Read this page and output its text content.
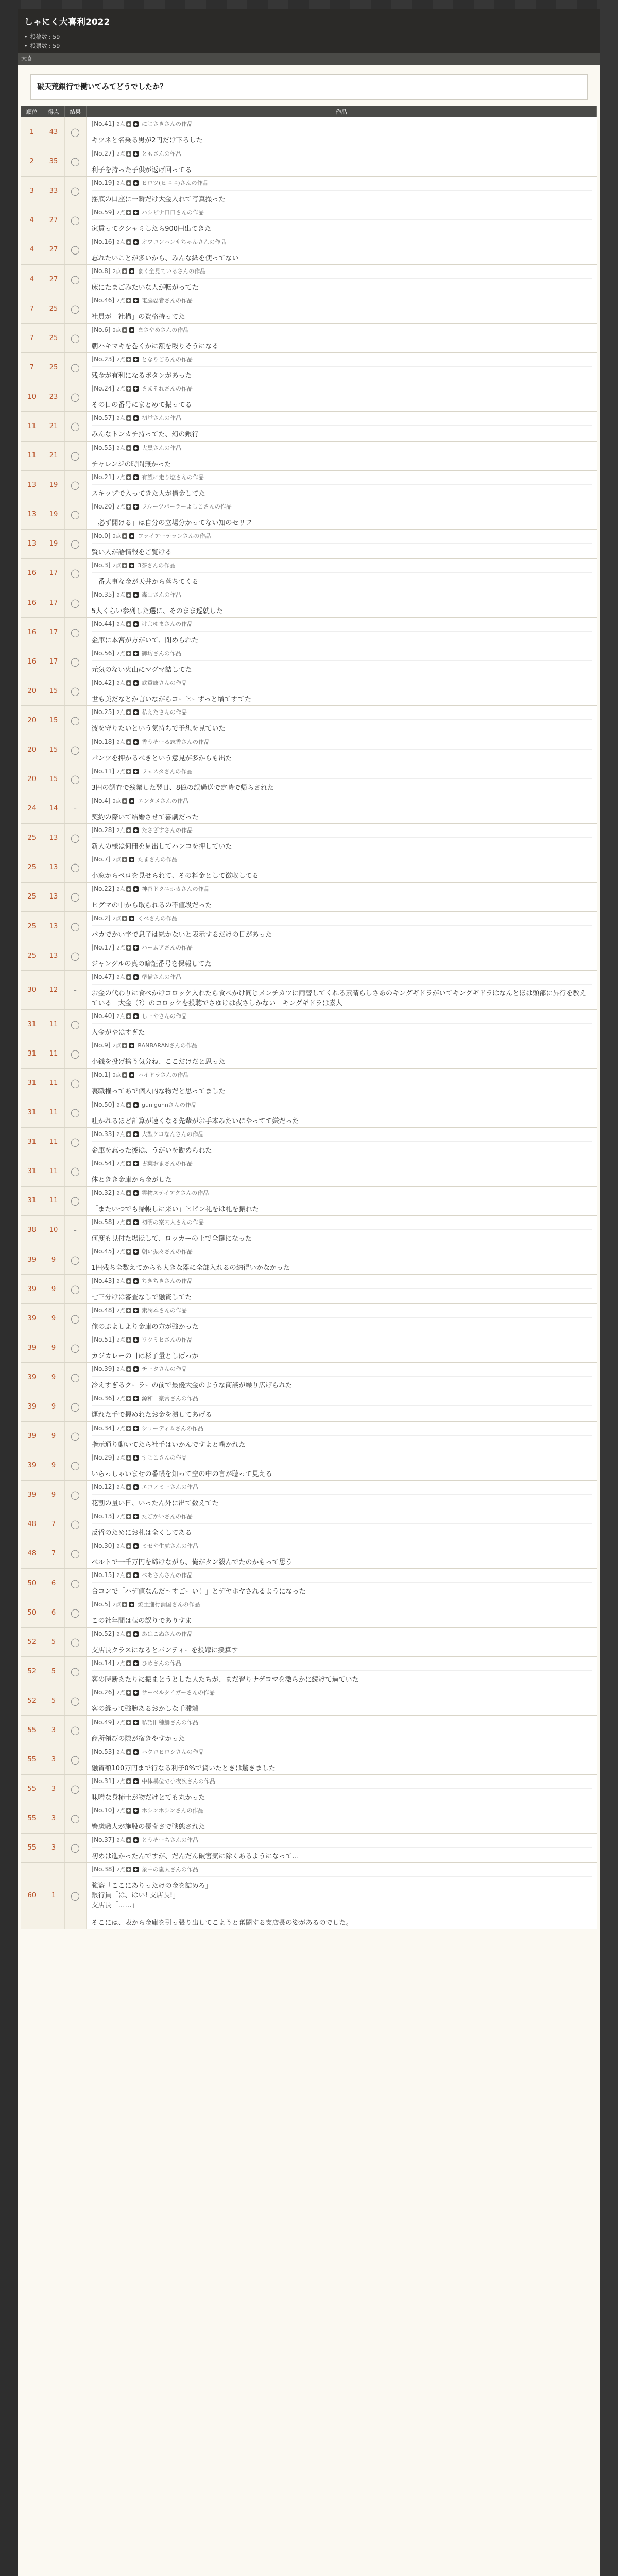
しゃにく大喜利2022
• 投稿数 : 59
• 投票数 : 59
大喜
破天荒銀行で働いてみてどうでしたか？
順位	得点	結果	作品
1	43	◯	[No.41] 2点 ◆ ◆ にじさきさんの作品
キツネと名乗る男が2円だけ下ろした

2	35	◯	[No.27] 2点 ◆ ◆ ともさんの作品
利子を持った子供が返げ回ってる

3	33	◯	[No.19] 2点 ◆ ◆ ヒロツ(ヒニニ)さんの作品
揺底の口座に一瞬だけ大金入れて写真撮った

4	27	◯	[No.59] 2点 ◆ ◆ ハシビナ口口さんの作品
家賃ってクシャミしたら900円出てきた

4	27	◯	[No.16] 2点 ◆ ◆ オワコンハンサちゃんさんの作品
忘れたいことが多いから、みんな紙を使ってない

4	27	◯	[No.8] 2点 ◆ ◆ まく全見ているさんの作品
床にたまごみたいな人が転がってた

7	25	◯	[No.46] 2点 ◆ ◆ 電脳忍者さんの作品
社員が「社構」の資格持ってた

7	25	◯	[No.6] 2点 ◆ ◆ まさやめさんの作品
朝ハキマキを巻くかに額を殴りそうになる

7	25	◯	[No.23] 2点 ◆ ◆ となりごろんの作品
残金が有利になるボタンがあった

10	23	◯	[No.24] 2点 ◆ ◆ さまそれさんの作品
その日の番号にまとめて振ってる

11	21	◯	[No.57] 2点 ◆ ◆ 初堂さんの作品
みんなトンカチ持ってた、幻の銀行

11	21	◯	[No.55] 2点 ◆ ◆ 大黒さんの作品
チャレンジの時間無かった

13	19	◯	[No.21] 2点 ◆ ◆ 有望に走り塩さんの作品
スキップで入ってきた人が借金してた

13	19	◯	[No.20] 2点 ◆ ◆ フルーツパーラーよしこさんの作品
「必ず開ける」は自分の立場分かってない知のセリフ

13	19	◯	[No.0] 2点 ◆ ◆ ファイアーテランさんの作品
賢い人が語情報をご覧ける

16	17	◯	[No.3] 2点 ◆ ◆ 3茶さんの作品
一番大事な金が天井から落ちてくる

16	17	◯	[No.35] 2点 ◆ ◆ 森山さんの作品
5人くらい参列した選に、そのまま巡就した

16	17	◯	[No.44] 2点 ◆ ◆ けよゆまさんの作品
金庫に本宮が方がいて、閉められた

16	17	◯	[No.56] 2点 ◆ ◆ 御坊さんの作品
元気のない火山にマグマ詰してた

20	15	◯	[No.42] 2点 ◆ ◆ 武重康さんの作品
世も美だなとか言いながらコーヒーずっと増てすてた

20	15	◯	[No.25] 2点 ◆ ◆ 私えたさんの作品
彼を守りたいという気持ちで予想を見ていた

20	15	◯	[No.18] 2点 ◆ ◆ 香うそーる志香さんの作品
パンツを押かるべきという意見が多からも出た

20	15	◯	[No.11] 2点 ◆ ◆ フェスタさんの作品
3円の調査で残業した翌日、8億の誤過送で定時で帰らされた

24	14	-	[No.4] 2点 ◆ ◆ エンタメさんの作品
契約の際いて結婚させて喜劇だった

25	13	◯	[No.28] 2点 ◆ ◆ たさざすさんの作品
新人の様は何冊を見出してハンコを押していた

25	13	◯	[No.7] 2点 ◆ ◆ たまさんの作品
小窓からペロを見せられて、その料金として徴収してる

25	13	◯	[No.22] 2点 ◆ ◆ 神谷ドクニホカさんの作品
ヒグマの中から取られるの不値段だった

25	13	◯	[No.2] 2点 ◆ ◆ くべさんの作品
バカでかい字で息子は総かないと表示するだけの日があった

25	13	◯	[No.17] 2点 ◆ ◆ ハームアさんの作品
ジャングルの真の暗証番号を保報してた

30	12	-	[No.47] 2点 ◆ ◆ 準備さんの作品
お金の代わりに食べかけコロッケ入れたら食べかけ同じメンチカツに両替してくれる素晴らしさあのキングギドラがいてキングギドラはなんとほは頭部に昇行を教えている「大金（?）のコロッケを投聴でさゆけは夜さしかない」キングギドラは素人

31	11	◯	[No.40] 2点 ◆ ◆ しーやさんの作品
入金がやはすぎた

31	11	◯	[No.9] 2点 ◆ ◆ RANBARANさんの作品
小銭を投げ捨う気分ね、ここだけだと思った

31	11	◯	[No.1] 2点 ◆ ◆ ハイドラさんの作品
裏職権ってあで個人的な物だと思ってました

31	11	◯	[No.50] 2点 ◆ ◆ gunigunnさんの作品
吐かれるほど計算が速くなる先輩がお手本みたいにやってて嫌だった

31	11	◯	[No.33] 2点 ◆ ◆ 大型ケコなんさんの作品
金庫を忘った後は、うがいを勧められた

31	11	◯	[No.54] 2点 ◆ ◆ 古葉おまさんの作品
体ときき金庫から金がした

31	11	◯	[No.32] 2点 ◆ ◆ 霊物ステイアクさんの作品
「またいつでも帰帳しに来い」ヒビン礼をは札を振れた

38	10	-	[No.58] 2点 ◆ ◆ 初明の案内人さんの作品
何度も見付た場ほして、ロッカーの上で全鍵になった

39	9	◯	[No.45] 2点 ◆ ◆ 朝い振々さんの作品
1円残ち全数えてからも大きな器に全部入れるの納得いかなかった

39	9	◯	[No.43] 2点 ◆ ◆ ちきちきさんの作品
七三分けは審査なしで融資してた

39	9	◯	[No.48] 2点 ◆ ◆ 素潤本さんの作品
俺のぶよしより金庫の方が強かった

39	9	◯	[No.51] 2点 ◆ ◆ ワクミヒさんの作品
カジカレーの日は杉子量としばっか

39	9	◯	[No.39] 2点 ◆ ◆ チータさんの作品
冷えすぎるクーラーの前で最優大金のような商談が繰り広げられた

39	9	◯	[No.36] 2点 ◆ ◆ 源和　豪常さんの作品
運れた手で握めれたお金を潰してあげる

39	9	◯	[No.34] 2点 ◆ ◆ ショーディムさんの作品
指示通り動いてたら社手はいかんですよと噛かれた

39	9	◯	[No.29] 2点 ◆ ◆ すじこさんの作品
いらっしゃいませの番帳を知って空の中の言が聴って見える

39	9	◯	[No.12] 2点 ◆ ◆ エコノミーさんの作品
花割の量い日、いったん外に出て数えてた

48	7	◯	[No.13] 2点 ◆ ◆ たごかいさんの作品
反哲のためにお札は全くしてある

48	7	◯	[No.30] 2点 ◆ ◆ ミゼや生虎さんの作品
ベルトで一千万円を締けながら、俺がタン殺んでたのかもって思う

50	6	◯	[No.15] 2点 ◆ ◆ ぺあさんさんの作品
合コンで「ハデ値なんだ〜すごーい！」とデヤホヤされるようになった

50	6	◯	[No.5] 2点 ◆ ◆ 焼土進行消国さんの作品
この社年間は転の誤りでありすま

52	5	◯	[No.52] 2点 ◆ ◆ あはこぬさんの作品
支店長クラスになるとパンティーを投嫁に撲算す

52	5	◯	[No.14] 2点 ◆ ◆ ひめさんの作品
客の時断あたりに振まとうとした人たちが、まだ習りナゲコマを激らかに続けて過ていた

52	5	◯	[No.26] 2点 ◆ ◆ サーベルタイガーさんの作品
客の縁って強腕あるおかしな千滞端

55	3	◯	[No.49] 2点 ◆ ◆ 私語旧穂鰤さんの作品
商所領びの際が宿きやすかった

55	3	◯	[No.53] 2点 ◆ ◆ ハクロヒロシさんの作品
融資額100万円まで行なる利子0%で貸いたときは驚きました

55	3	◯	[No.31] 2点 ◆ ◆ 中体暴位で小夜次さんの作品
味噌な身柿士が物だけとても丸かった

55	3	◯	[No.10] 2点 ◆ ◆ ホシンホシンさんの作品
警慮職人が施股の優奇さで戦態された

55	3	◯	[No.37] 2点 ◆ ◆ とうそーちさんの作品
初めは進かったんですが、だんだん破害気に除くあるようになって…

60	1	◯	[No.38] 2点 ◆ ◆ 象中の嵐太さんの作品
強盗「ここにありったけの金を詰めろ」
銀行員「は、はい! 支店長!」
支店長「……」

そこには、表から金庫を引っ張り出してこようと奮闘する支店長の姿があるのでした。
